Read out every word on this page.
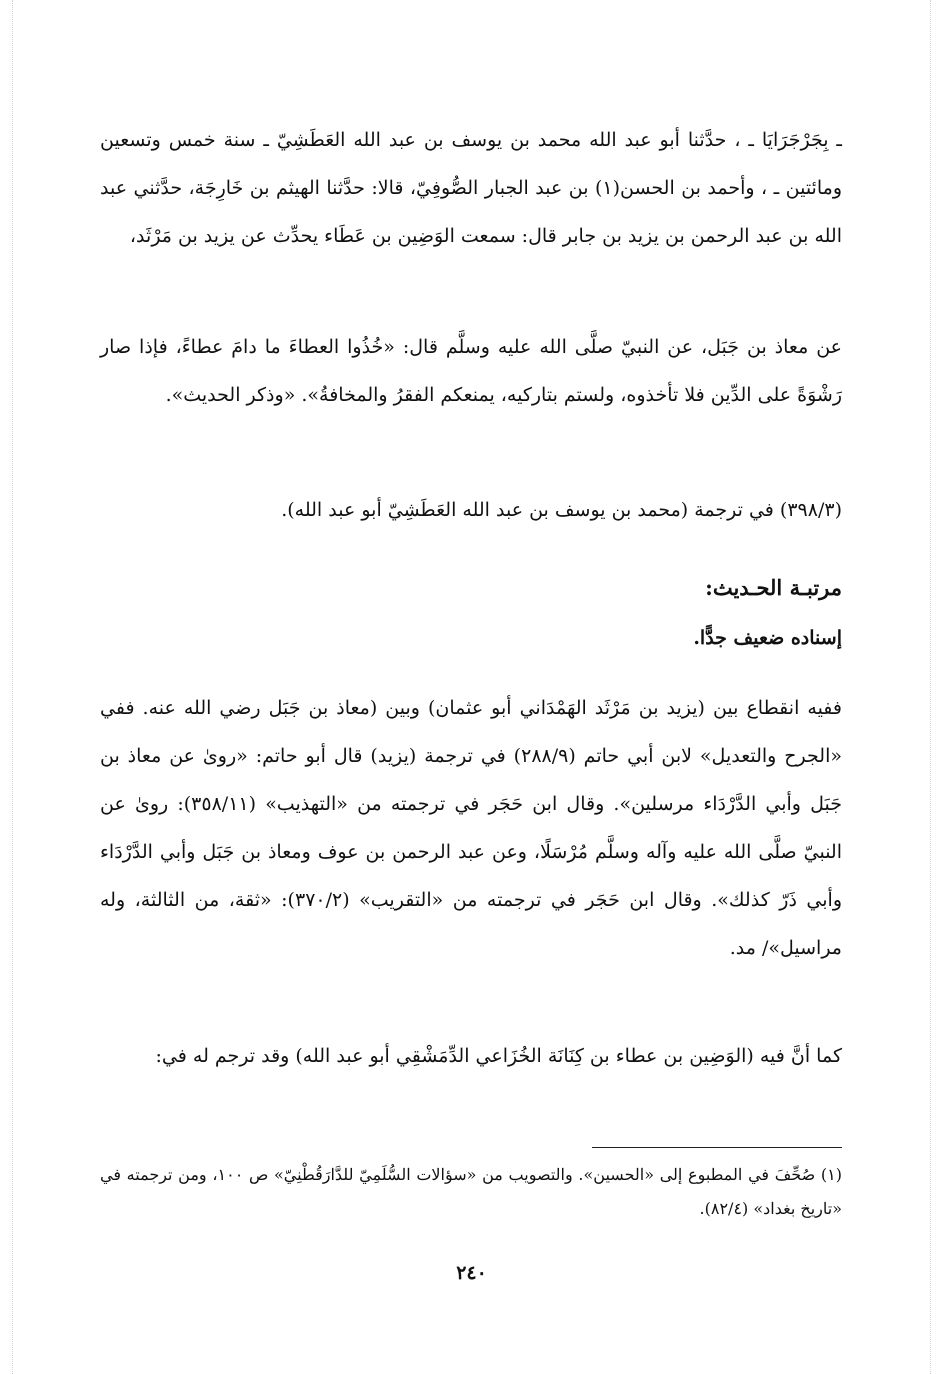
ـ بِجَرْجَرَايَا ـ ، حدَّثنا أبو عبد الله محمد بن يوسف بن عبد الله العَطَشِيّ ـ سنة خمس وتسعين ومائتين ـ ، وأحمد بن الحسن(١) بن عبد الجبار الصُّوفِيّ، قالا: حدَّثنا الهيثم بن خَارِجَة، حدَّثني عبد الله بن عبد الرحمن بن يزيد بن جابر قال: سمعت الوَضِين بن عَطَاء يحدِّث عن يزيد بن مَرْثَد،

عن معاذ بن جَبَل، عن النبيّ صلَّى الله عليه وسلَّم قال: «خُذُوا العطاءَ ما دامَ عطاءً، فإذا صار رَشْوَةً على الدِّين فلا تأخذوه، ولستم بتاركيه، يمنعكم الفقرُ والمخافةُ». «وذكر الحديث».

(٣٩٨/٣) في ترجمة (محمد بن يوسف بن عبد الله العَطَشِيّ أبو عبد الله).

مرتبـة الحـديث:

إسناده ضعيف جدًّا.

ففيه انقطاع بين (يزيد بن مَرْثَد الهَمْدَاني أبو عثمان) وبين (معاذ بن جَبَل رضي الله عنه. ففي «الجرح والتعديل» لابن أبي حاتم (٢٨٨/٩) في ترجمة (يزيد) قال أبو حاتم: «روىٰ عن معاذ بن جَبَل وأبي الدَّرْدَاء مرسلين». وقال ابن حَجَر في ترجمته من «التهذيب» (٣٥٨/١١): روىٰ عن النبيّ صلَّى الله عليه وآله وسلَّم مُرْسَلًا، وعن عبد الرحمن بن عوف ومعاذ بن جَبَل وأبي الدَّرْدَاء وأبي ذَرّ كذلك». وقال ابن حَجَر في ترجمته من «التقريب» (٣٧٠/٢): «ثقة، من الثالثة، وله مراسيل»/ مد.

كما أنَّ فيه (الوَضِين بن عطاء بن كِنَانَة الخُزَاعي الدِّمَشْقِي أبو عبد الله) وقد ترجم له في:

(١) صُحِّفَ في المطبوع إلى «الحسين». والتصويب من «سؤالات السُّلَمِيّ للدَّارَقُطْنِيّ» ص ١٠٠، ومن ترجمته في «تاريخ بغداد» (٨٢/٤).

٢٤٠
